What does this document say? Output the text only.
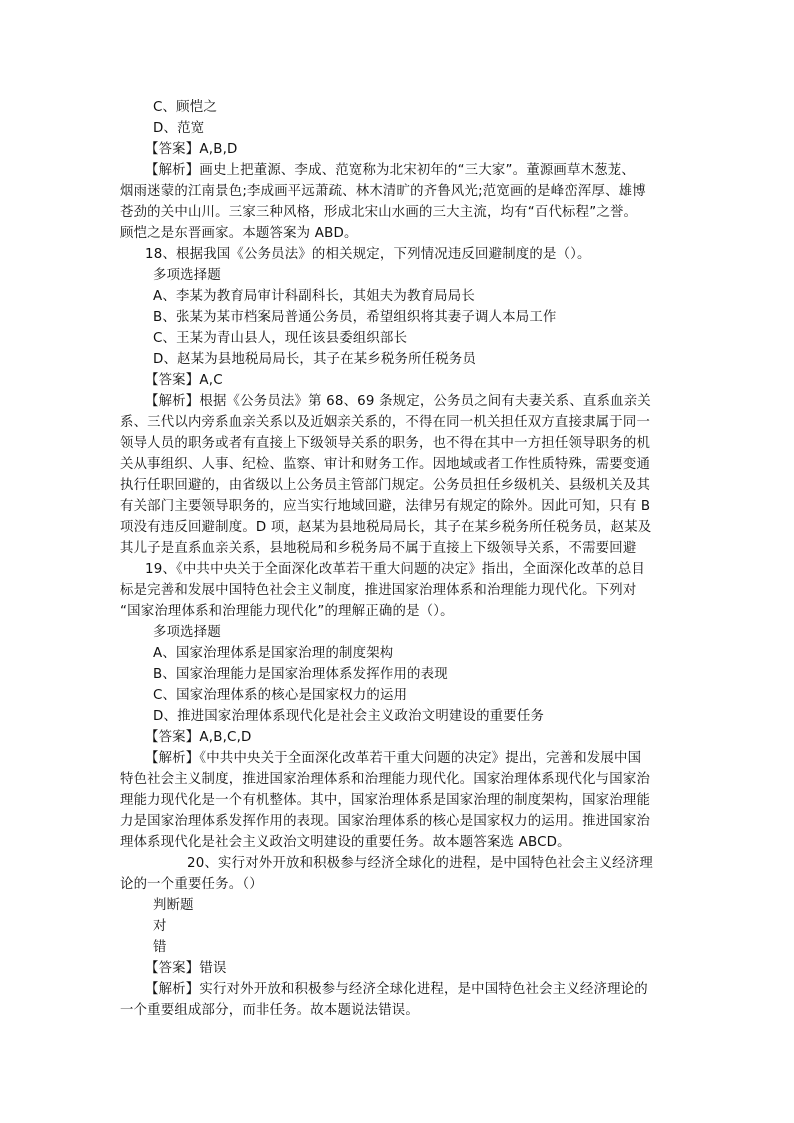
C、顾恺之
D、范宽
【答案】A,B,D
【解析】画史上把董源、李成、范宽称为北宋初年的“三大家”。董源画草木葱茏、
烟雨迷蒙的江南景色;李成画平远萧疏、林木清旷的齐鲁风光;范宽画的是峰峦浑厚、雄博
苍劲的关中山川。三家三种风格，形成北宋山水画的三大主流，均有“百代标程”之誉。
顾恺之是东晋画家。本题答案为 ABD。
18、根据我国《公务员法》的相关规定，下列情况违反回避制度的是（）。
多项选择题
A、李某为教育局审计科副科长，其姐夫为教育局局长
B、张某为某市档案局普通公务员，希望组织将其妻子调人本局工作
C、王某为青山县人，现任该县委组织部长
D、赵某为县地税局局长，其子在某乡税务所任税务员
【答案】A,C
【解析】根据《公务员法》第 68、69 条规定，公务员之间有夫妻关系、直系血亲关
系、三代以内旁系血亲关系以及近姻亲关系的，不得在同一机关担任双方直接隶属于同一
领导人员的职务或者有直接上下级领导关系的职务，也不得在其中一方担任领导职务的机
关从事组织、人事、纪检、监察、审计和财务工作。因地域或者工作性质特殊，需要变通
执行任职回避的，由省级以上公务员主管部门规定。公务员担任乡级机关、县级机关及其
有关部门主要领导职务的，应当实行地域回避，法律另有规定的除外。因此可知，只有 B
项没有违反回避制度。D 项，赵某为县地税局局长，其子在某乡税务所任税务员，赵某及
其儿子是直系血亲关系，县地税局和乡税务局不属于直接上下级领导关系，不需要回避
19、《中共中央关于全面深化改革若干重大问题的决定》指出，全面深化改革的总目
标是完善和发展中国特色社会主义制度，推进国家治理体系和治理能力现代化。下列对
“国家治理体系和治理能力现代化”的理解正确的是（）。
多项选择题
A、国家治理体系是国家治理的制度架构
B、国家治理能力是国家治理体系发挥作用的表现
C、国家治理体系的核心是国家权力的运用
D、推进国家治理体系现代化是社会主义政治文明建设的重要任务
【答案】A,B,C,D
【解析】《中共中央关于全面深化改革若干重大问题的决定》提出，完善和发展中国
特色社会主义制度，推进国家治理体系和治理能力现代化。国家治理体系现代化与国家治
理能力现代化是一个有机整体。其中，国家治理体系是国家治理的制度架构，国家治理能
力是国家治理体系发挥作用的表现。国家治理体系的核心是国家权力的运用。推进国家治
理体系现代化是社会主义政治文明建设的重要任务。故本题答案选 ABCD。
20、实行对外开放和积极参与经济全球化的进程，是中国特色社会主义经济理
论的一个重要任务。（）
判断题
对
错
【答案】错误
【解析】实行对外开放和积极参与经济全球化进程，是中国特色社会主义经济理论的
一个重要组成部分，而非任务。故本题说法错误。
